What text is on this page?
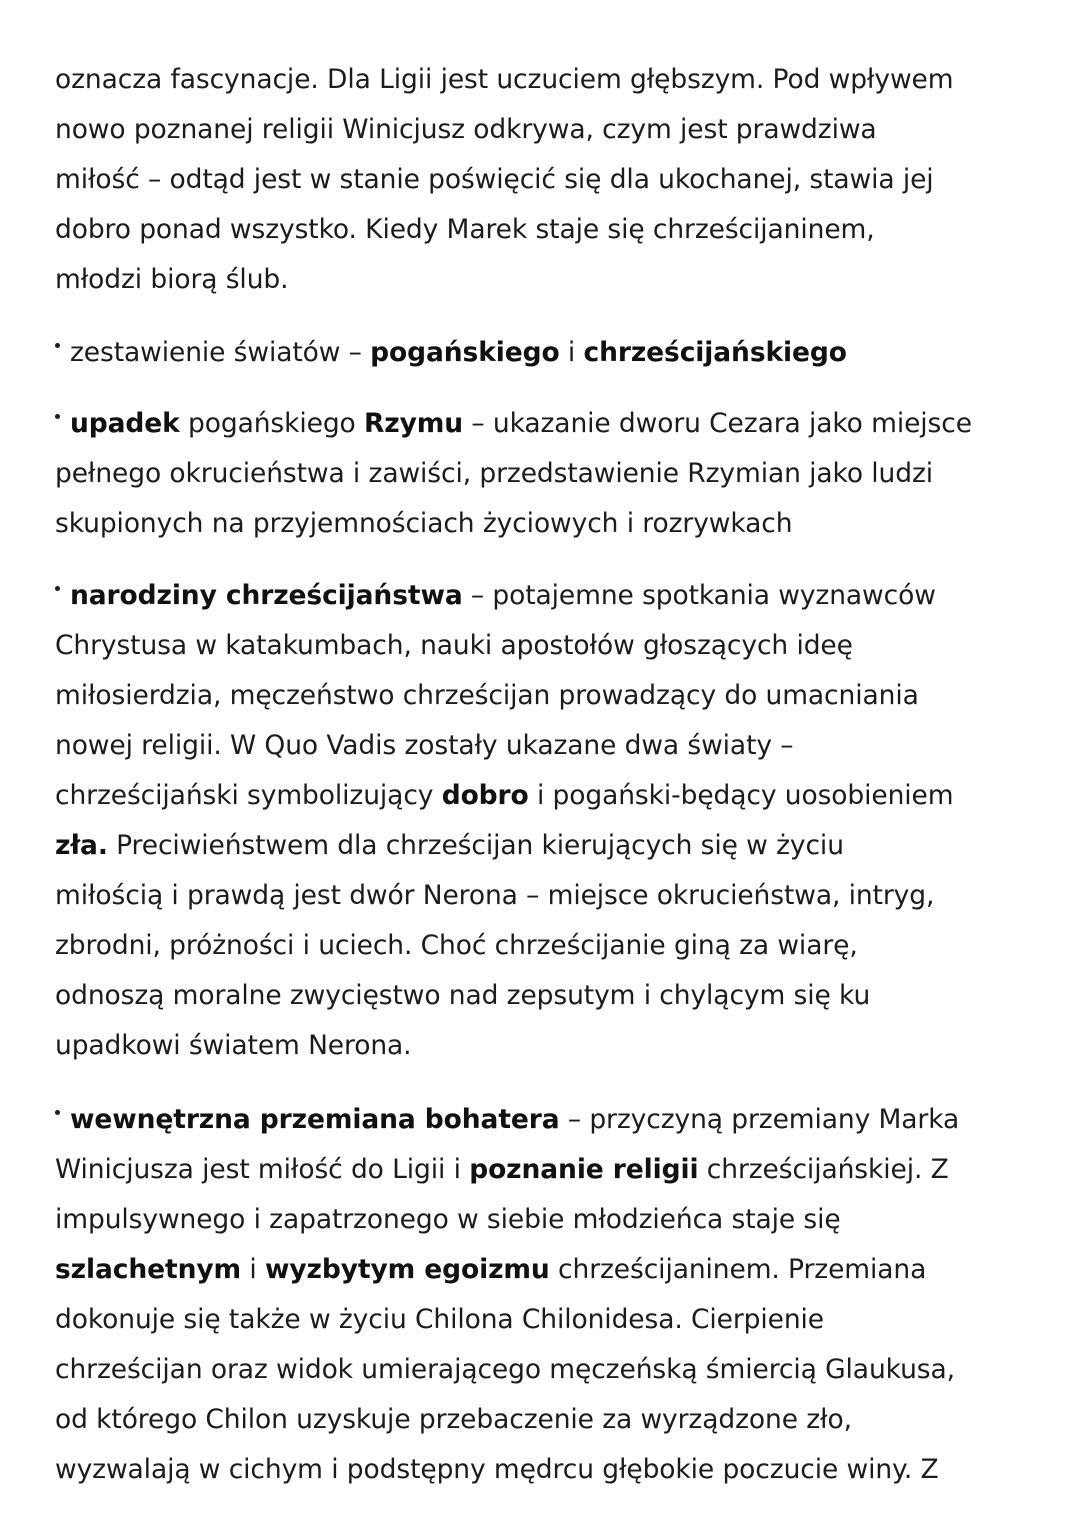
oznacza fascynacje. Dla Ligii jest uczuciem głębszym. Pod wpływem
nowo poznanej religii Winicjusz odkrywa, czym jest prawdziwa
miłość – odtąd jest w stanie poświęcić się dla ukochanej, stawia jej
dobro ponad wszystko. Kiedy Marek staje się chrześcijaninem,
młodzi biorą ślub.
zestawienie światów – pogańskiego i chrześcijańskiego
upadek pogańskiego Rzymu – ukazanie dworu Cezara jako miejsce
pełnego okrucieństwa i zawiści, przedstawienie Rzymian jako ludzi
skupionych na przyjemnościach życiowych i rozrywkach
narodziny chrześcijaństwa – potajemne spotkania wyznawców
Chrystusa w katakumbach, nauki apostołów głoszących ideę
miłosierdzia, męczeństwo chrześcijan prowadzący do umacniania
nowej religii. W Quo Vadis zostały ukazane dwa światy –
chrześcijański symbolizujący dobro i pogański-będący uosobieniem
zła. Preciwieństwem dla chrześcijan kierujących się w życiu
miłością i prawdą jest dwór Nerona – miejsce okrucieństwa, intryg,
zbrodni, próżności i uciech. Choć chrześcijanie giną za wiarę,
odnoszą moralne zwycięstwo nad zepsutym i chylącym się ku
upadkowi światem Nerona.
wewnętrzna przemiana bohatera – przyczyną przemiany Marka
Winicjusza jest miłość do Ligii i poznanie religii chrześcijańskiej. Z
impulsywnego i zapatrzonego w siebie młodzieńca staje się
szlachetnym i wyzbytym egoizmu chrześcijaninem. Przemiana
dokonuje się także w życiu Chilona Chilonidesa. Cierpienie
chrześcijan oraz widok umierającego męczeńską śmiercią Glaukusa,
od którego Chilon uzyskuje przebaczenie za wyrządzone zło,
wyzwalają w cichym i podstępny mędrcu głębokie poczucie winy. Z
